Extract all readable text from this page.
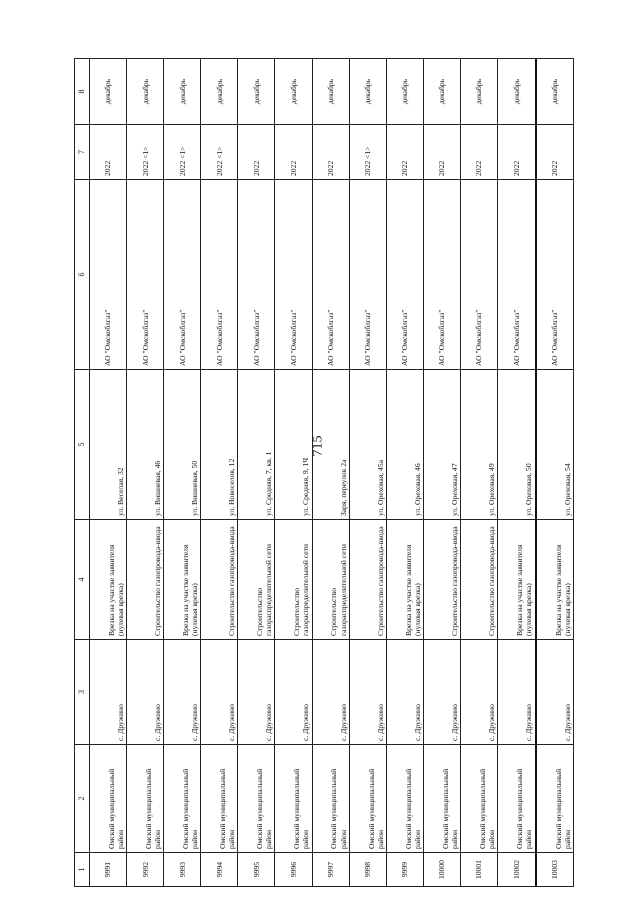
715
1	2	3	4	5	6	7	8
9991	Омский муниципальный район	с. Дружино	Врезка на участке заявителя (нулевая врезка)	ул. Веселая, 32	АО "Омскоблгаз"	2022	декабрь
9992	Омский муниципальный район	с. Дружино	Строительство газопровода-ввода	ул. Вишневая, 46	АО "Омскоблгаз"	2022 <1>	декабрь
9993	Омский муниципальный район	с. Дружино	Врезка на участке заявителя (нулевая врезка)	ул. Вишневая, 50	АО "Омскоблгаз"	2022 <1>	декабрь
9994	Омский муниципальный район	с. Дружино	Строительство газопровода-ввода	ул. Новоселов, 12	АО "Омскоблгаз"	2022 <1>	декабрь
9995	Омский муниципальный район	с. Дружино	Строительство газораспределительной сети	ул. Средняя, 7, кв. 1	АО "Омскоблгаз"	2022	декабрь
9996	Омский муниципальный район	с. Дружино	Строительство газораспределительной сети	ул. Средняя, 9, 1Ч	АО "Омскоблгаз"	2022	декабрь
9997	Омский муниципальный район	с. Дружино	Строительство газораспределительной сети	Заря, переулок 2а	АО "Омскоблгаз"	2022	декабрь
9998	Омский муниципальный район	с. Дружино	Строительство газопровода-ввода	ул. Ореховая, 45а	АО "Омскоблгаз"	2022 <1>	декабрь
9999	Омский муниципальный район	с. Дружино	Врезка на участке заявителя (нулевая врезка)	ул. Ореховая, 46	АО "Омскоблгаз"	2022	декабрь
10000	Омский муниципальный район	с. Дружино	Строительство газопровода-ввода	ул. Ореховая, 47	АО "Омскоблгаз"	2022	декабрь
10001	Омский муниципальный район	с. Дружино	Строительство газопровода-ввода	ул. Ореховая, 49	АО "Омскоблгаз"	2022	декабрь
10002	Омский муниципальный район	с. Дружино	Врезка на участке заявителя (нулевая врезка)	ул. Ореховая, 50	АО "Омскоблгаз"	2022	декабрь
10003	Омский муниципальный район	с. Дружино	Врезка на участке заявителя (нулевая врезка)	ул. Ореховая, 54	АО "Омскоблгаз"	2022	декабрь
